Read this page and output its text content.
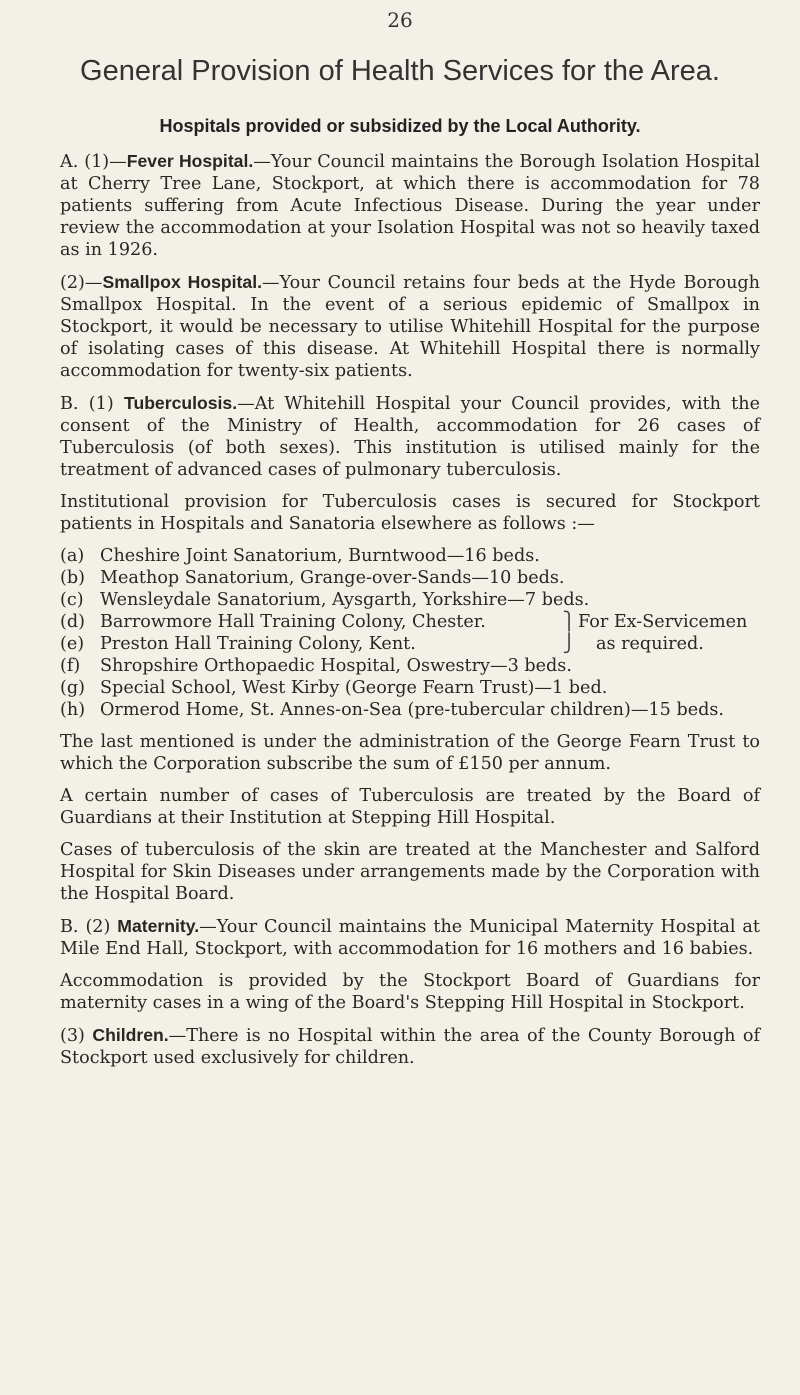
26
General Provision of Health Services for the Area.
Hospitals provided or subsidized by the Local Authority.

A. (1)—Fever Hospital.—Your Council maintains the Borough Isolation Hospital at Cherry Tree Lane, Stockport, at which there is accommodation for 78 patients suffering from Acute Infectious Disease. During the year under review the accommodation at your Isolation Hospital was not so heavily taxed as in 1926.

(2)—Smallpox Hospital.—Your Council retains four beds at the Hyde Borough Smallpox Hospital. In the event of a serious epidemic of Smallpox in Stockport, it would be necessary to utilise Whitehill Hospital for the purpose of isolating cases of this disease. At Whitehill Hospital there is normally accommodation for twenty-six patients.

B. (1) Tuberculosis.—At Whitehill Hospital your Council provides, with the consent of the Ministry of Health, accommodation for 26 cases of Tuberculosis (of both sexes). This institution is utilised mainly for the treatment of advanced cases of pulmonary tuberculosis.

Institutional provision for Tuberculosis cases is secured for Stockport patients in Hospitals and Sanatoria elsewhere as follows :—

(a) Cheshire Joint Sanatorium, Burntwood—16 beds.
(b) Meathop Sanatorium, Grange-over-Sands—10 beds.
(c) Wensleydale Sanatorium, Aysgarth, Yorkshire—7 beds.
(d) Barrowmore Hall Training Colony, Chester.	⎫ For Ex-Servicemen
(e) Preston Hall Training Colony, Kent.	⎭ as required.
(f)	Shropshire Orthopaedic Hospital, Oswestry—3 beds.
(g) Special School, West Kirby (George Fearn Trust)—1 bed.
(h) Ormerod Home, St. Annes-on-Sea (pre-tubercular children)—15 beds.

The last mentioned is under the administration of the George Fearn Trust to which the Corporation subscribe the sum of £150 per annum.

A certain number of cases of Tuberculosis are treated by the Board of Guardians at their Institution at Stepping Hill Hospital.

Cases of tuberculosis of the skin are treated at the Manchester and Salford Hospital for Skin Diseases under arrangements made by the Corporation with the Hospital Board.

B. (2) Maternity.—Your Council maintains the Municipal Maternity Hospital at Mile End Hall, Stockport, with accommodation for 16 mothers and 16 babies.

Accommodation is provided by the Stockport Board of Guardians for maternity cases in a wing of the Board's Stepping Hill Hospital in Stockport.

(3) Children.—There is no Hospital within the area of the County Borough of Stockport used exclusively for children.
